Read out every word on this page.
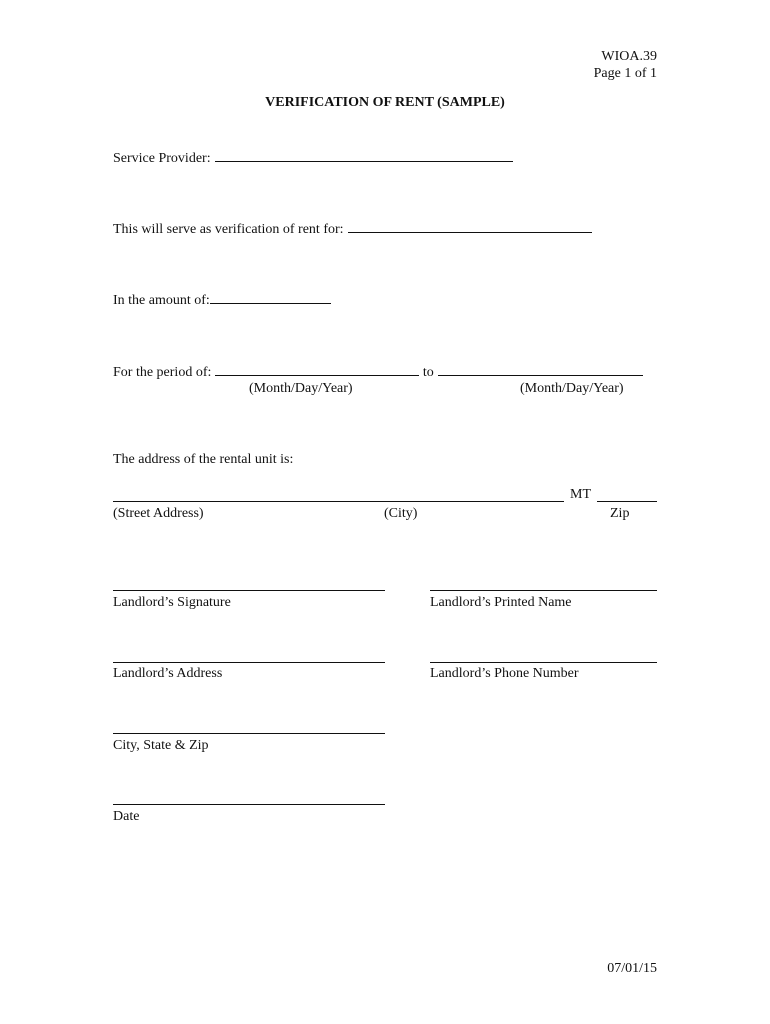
WIOA.39
Page 1 of 1
VERIFICATION OF RENT (SAMPLE)
Service Provider:
This will serve as verification of rent for:
In the amount of:
For the period of:	to
(Month/Day/Year)	(Month/Day/Year)
The address of the rental unit is:
MT
(Street Address)	(City)	Zip
Landlord’s Signature	Landlord’s Printed Name
Landlord’s Address	Landlord’s Phone Number
City, State & Zip
Date
07/01/15
